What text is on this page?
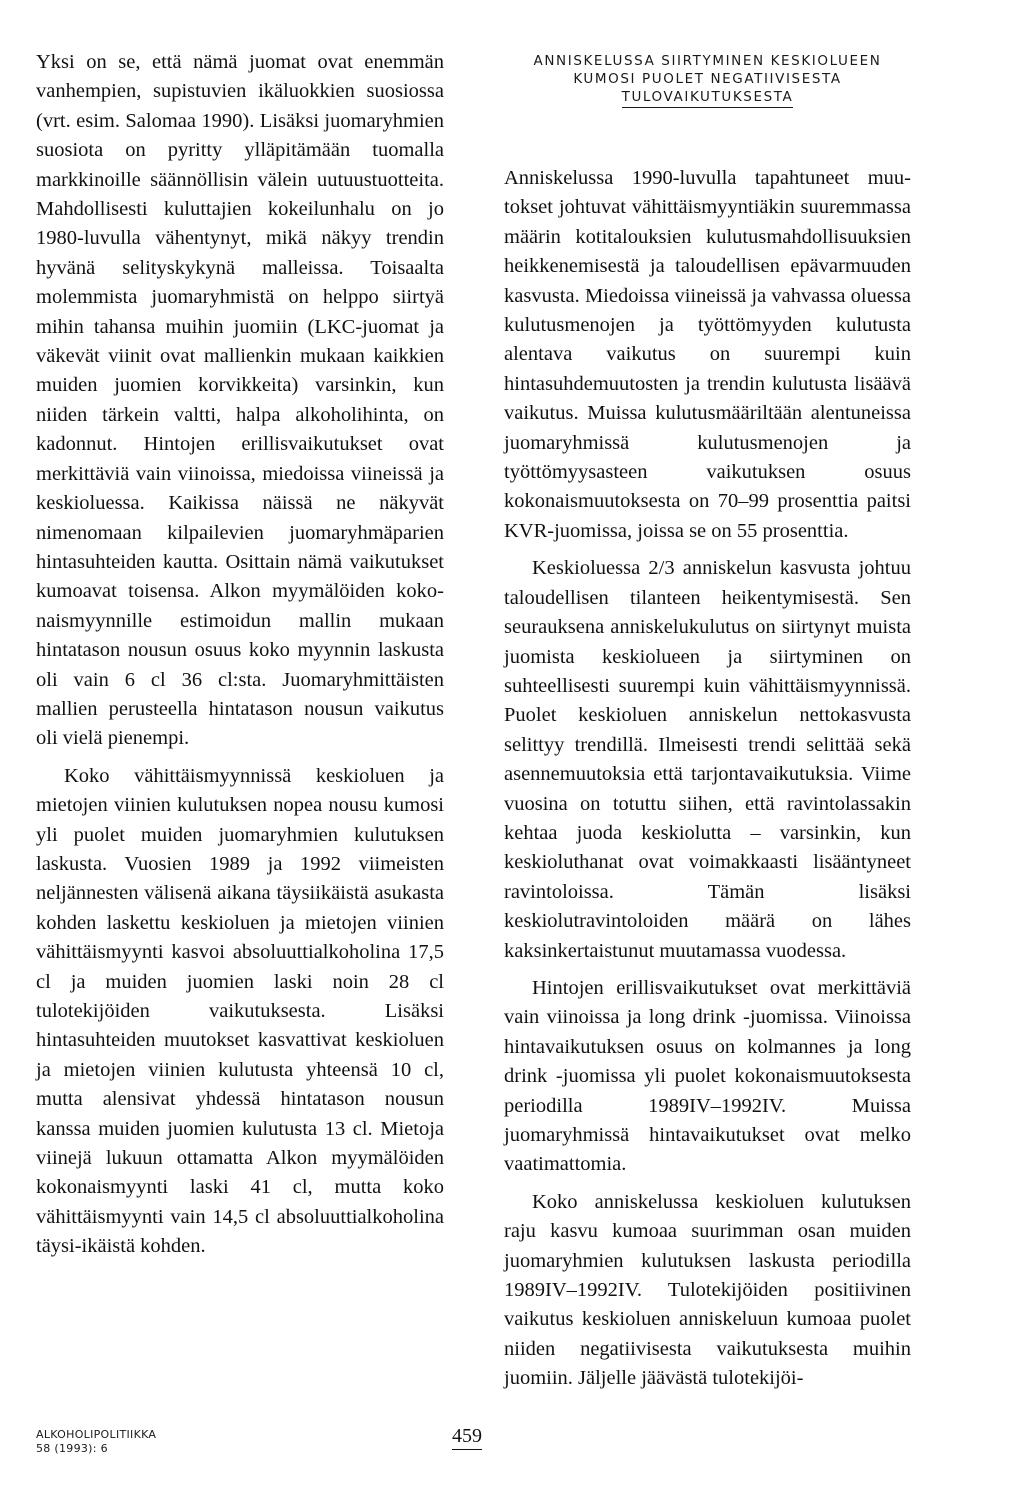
Yksi on se, että nämä juomat ovat enemmän vanhempien, supistuvien ikäluokkien suosiossa (vrt. esim. Salomaa 1990). Lisäksi juomaryhmien suosiota on pyritty ylläpitämään tuomalla markkinoille säännöllisin välein uutuustuotteita. Mahdollisesti kuluttajien kokeilunhalu on jo 1980-luvulla vähentynyt, mikä näkyy trendin hyvänä selityskykynä malleissa. Toisaalta molemmista juomaryhmistä on helppo siirtyä mihin tahansa muihin juomiin (LKC-juomat ja väkevät viinit ovat mallienkin mukaan kaikkien muiden juomien korvikkeita) varsinkin, kun niiden tärkein valtti, halpa alkoholihinta, on kadonnut. Hintojen erillisvaikutukset ovat merkittäviä vain viinoissa, miedoissa viineissä ja keskioluessa. Kaikissa näissä ne näkyvät nimenomaan kilpailevien juomaryhmäparien hintasuhteiden kautta. Osittain nämä vaikutukset kumoavat toisensa. Alkon myymälöiden kokonaismyynnille estimoidun mallin mukaan hintatason nousun osuus koko myynnin laskusta oli vain 6 cl 36 cl:sta. Juomaryhmittäisten mallien perusteella hintatason nousun vaikutus oli vielä pienempi.

Koko vähittäismyynnissä keskioluen ja mietojen viinien kulutuksen nopea nousu kumosi yli puolet muiden juomaryhmien kulutuksen laskusta. Vuosien 1989 ja 1992 viimeisten neljännesten välisenä aikana täysiikäistä asukasta kohden laskettu keskioluen ja mietojen viinien vähittäismyynti kasvoi absoluuttialkoholina 17,5 cl ja muiden juomien laski noin 28 cl tulotekijöiden vaikutuksesta. Lisäksi hintasuhteiden muutokset kasvattivat keskioluen ja mietojen viinien kulutusta yhteensä 10 cl, mutta alensivat yhdessä hintatason nousun kanssa muiden juomien kulutusta 13 cl. Mietoja viinejä lukuun ottamatta Alkon myymälöiden kokonaismyynti laski 41 cl, mutta koko vähittäismyynti vain 14,5 cl absoluuttialkoholina täysi-ikäistä kohden.

ANNISKELUSSA SIIRTYMINEN KESKIOLUEEN
KUMOSI PUOLET NEGATIIVISESTA
TULOVAIKUTUKSESTA

Anniskelussa 1990-luvulla tapahtuneet muutokset johtuvat vähittäismyyntiäkin suuremmassa määrin kotitalouksien kulutusmahdollisuuksien heikkenemisestä ja taloudellisen epävarmuuden kasvusta. Miedoissa viineissä ja vahvassa oluessa kulutusmenojen ja työttömyyden kulutusta alentava vaikutus on suurempi kuin hintasuhdemuutosten ja trendin kulutusta lisäävä vaikutus. Muissa kulutusmääriltään alentuneissa juomaryhmissä kulutusmenojen ja työttömyysasteen vaikutuksen osuus kokonaismuutoksesta on 70–99 prosenttia paitsi KVR-juomissa, joissa se on 55 prosenttia.

Keskioluessa 2/3 anniskelun kasvusta johtuu taloudellisen tilanteen heikentymisestä. Sen seurauksena anniskelukulutus on siirtynyt muista juomista keskiolueen ja siirtyminen on suhteellisesti suurempi kuin vähittäismyynnissä. Puolet keskioluen anniskelun nettokasvusta selittyy trendillä. Ilmeisesti trendi selittää sekä asennemuutoksia että tarjontavaikutuksia. Viime vuosina on totuttu siihen, että ravintolassakin kehtaa juoda keskiolutta – varsinkin, kun keskioluthanat ovat voimakkaasti lisääntyneet ravintoloissa. Tämän lisäksi keskiolutravintoloiden määrä on lähes kaksinkertaistunut muutamassa vuodessa.

Hintojen erillisvaikutukset ovat merkittäviä vain viinoissa ja long drink -juomissa. Viinoissa hintavaikutuksen osuus on kolmannes ja long drink -juomissa yli puolet kokonaismuutoksesta periodilla 1989IV–1992IV. Muissa juomaryhmissä hintavaikutukset ovat melko vaatimattomia.

Koko anniskelussa keskioluen kulutuksen raju kasvu kumoaa suurimman osan muiden juomaryhmien kulutuksen laskusta periodilla 1989IV–1992IV. Tulotekijöiden positiivinen vaikutus keskioluen anniskeluun kumoaa puolet niiden negatiivisesta vaikutuksesta muihin juomiin. Jäljelle jäävästä tulotekijöi-

ALKOHOLIPOLITIIKKA
58 (1993): 6
459
